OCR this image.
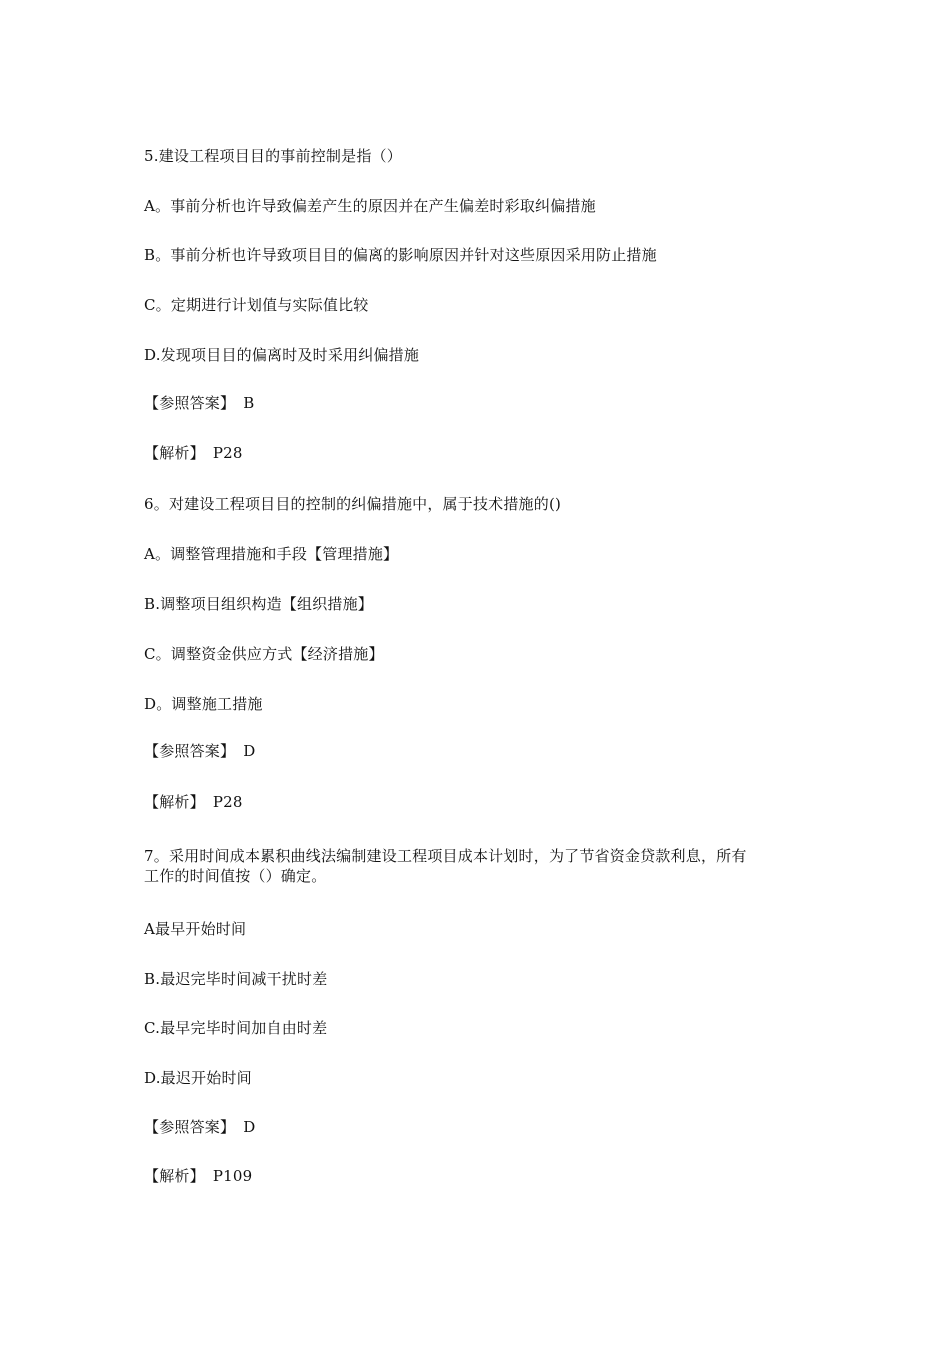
5.建设工程项目目的事前控制是指（）
A。事前分析也许导致偏差产生的原因并在产生偏差时彩取纠偏措施
B。事前分析也许导致项目目的偏离的影响原因并针对这些原因采用防止措施
C。定期进行计划值与实际值比较
D.发现项目目的偏离时及时采用纠偏措施
【参照答案】 B
【解析】 P28
6。对建设工程项目目的控制的纠偏措施中，属于技术措施的()
A。调整管理措施和手段【管理措施】
B.调整项目组织构造【组织措施】
C。调整资金供应方式【经济措施】
D。调整施工措施
【参照答案】 D
【解析】 P28
7。采用时间成本累积曲线法编制建设工程项目成本计划时，为了节省资金贷款利息，所有工作的时间值按（）确定。
A最早开始时间
B.最迟完毕时间减干扰时差
C.最早完毕时间加自由时差
D.最迟开始时间
【参照答案】 D
【解析】 P109
